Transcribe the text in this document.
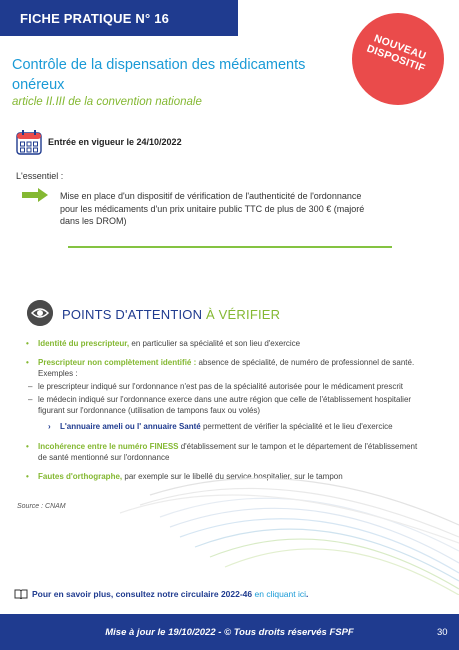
FICHE PRATIQUE N° 16
NOUVEAU DISPOSITIF
Contrôle de la dispensation des médicaments onéreux
article II.III de la convention nationale
Entrée en vigueur le 24/10/2022
L'essentiel :
Mise en place d'un dispositif de vérification de l'authenticité de l'ordonnance pour les médicaments d'un prix unitaire public TTC de plus de 300 € (majoré dans les DROM)
POINTS D'ATTENTION À VÉRIFIER
• Identité du prescripteur, en particulier sa spécialité et son lieu d'exercice
• Prescripteur non complètement identifié : absence de spécialité, de numéro de professionnel de santé. Exemples :
– le prescripteur indiqué sur l'ordonnance n'est pas de la spécialité autorisée pour le médicament prescrit
– le médecin indiqué sur l'ordonnance exerce dans une autre région que celle de l'établissement hospitalier figurant sur l'ordonnance (utilisation de tampons faux ou volés)
› L'annuaire ameli ou l' annuaire Santé permettent de vérifier la spécialité et le lieu d'exercice
• Incohérence entre le numéro FINESS d'établissement sur le tampon et le département de l'établissement de santé mentionné sur l'ordonnance
• Fautes d'orthographe, par exemple sur le libellé du service hospitalier, sur le tampon
Source : CNAM
Pour en savoir plus, consultez notre circulaire 2022-46 en cliquant ici.
Mise à jour le 19/10/2022 - © Tous droits réservés FSPF	30
